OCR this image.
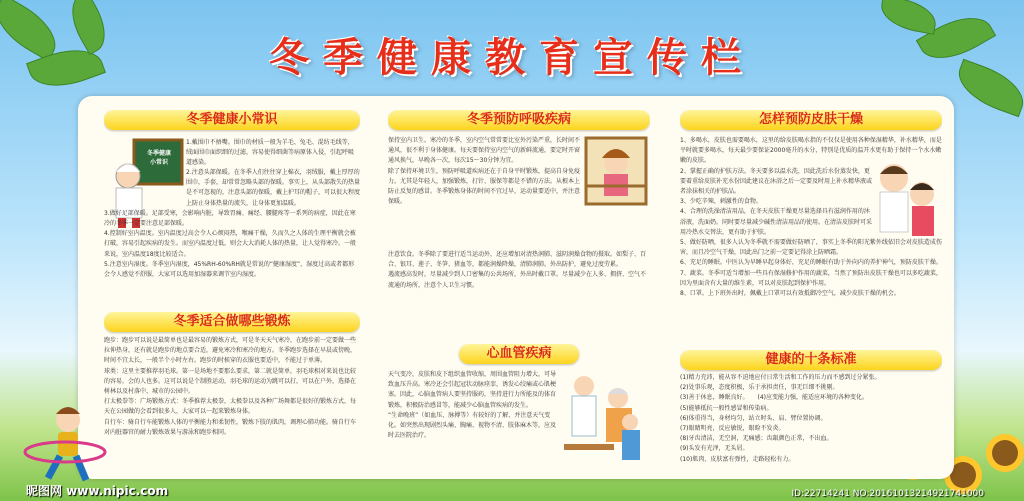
冬季健康教育宣传栏
冬季健康小常识
冬季健康
小常识

1.戴围巾不捂嘴。围巾的材质一般为羊毛、兔毛、混纺毛线等，绒面围巾面织细的过滤，容易使得细菌等病原体入侵，引起呼吸道感染。

2.注意头部保暖。在冬季人们往往穿上棉衣，羽绒服，戴上厚厚的围巾，手套，却常常忽略头部的保暖。事实上，从头部散失的热量是不可忽视的，注意头部的保暖，戴上护耳的帽子，可以很大程度上防止身体热量的流失，让身体更加温暖。

3.做好足部保暖。足部受寒，会影响内脏，导致胃痛、痛经、腰腿疼等一系列的病症，因此在寒冷的冬季一定要注意足部保暖。

4.控制好室内温度。室内温度过高会令人心烦闷热，喉痛干燥，久而久之人体的生理平衡就会被打破，容易引起疾病的发生。而室内温度过低，则会大大消耗人体的热量，让人觉得寒冷。一般来说，室内温度18度比较适合。

5.注意室内湿度。冬季室内湿度，45%RH-60%RH就是常说的“健康湿度”，湿度过高或者都形会令人感觉不舒服，大家可以选用加湿器来调节室内湿度。

冬季适合做哪些锻炼

跑步：跑步可以说是最简单也是最容易的锻炼方式，可是冬天天气寒冷，在跑步前一定要做一些拉伸热身，还有就是跑步的地点要合适，避免寒冷和寒冷的地方。冬季跑步选择在早晨或傍晚，时间不宜太长，一般半个小时左右。跑步的时候穿的衣服也要适中，不能过于单薄。

球类：这里主要推荐羽毛球。第一是场地不要那么要求，第二就是简单，羽毛球相对来说也比较的容易，会的人也多。这可以说是个制胜运动，羽毛球的运动为跳可以打，可以在户外，选择在树林以及村落中、城市的公园中。

打太极拳等：广场锻炼方式：冬季推荐太极拳，太极拳以及各种广场舞都是很好的锻炼方式，每天在公园做的会看到很多人，大家可以一起来锻炼身体。

自行车：骑自行车能锻炼人体的平衡能力和柔韧性，锻炼下肢的肌肉，调理心肺功能。骑自行车对内脏器官的耐力锻炼效果与游泳和跑步相同。

冬季预防呼吸疾病

保持室内卫生。寒冷的冬季，室内空气常常要比室外污染严重，长时间不通风，很不利于身体健康。每天要保持室内空气的新鲜流通，要定时开窗通风换气，早晚各一次，每次15～30分钟为宜。

除了保持环境卫生，预防呼吸道疾病还在于自身平时锻炼，提高自身免疫力。尤其是年轻人，加强锻炼，打针、服保等都是不错的方法。从根本上防止反复的感冒。冬季锻炼身体的时间不宜过早，运动量要适中，并注意保暖。

注意饮食。冬季除了要进行适当运动外，还应增加对清热润肺、滋阴润燥食物的摄取。如梨子、百合、银耳、莲子、冬笋、猪血等，都能润燥降燥，清肺润肺。外出防护，避免过度劳累。

遇流感高发时，尽量减少到人口密集的公共场所，外出时戴口罩。尽量减少在人多、拥挤、空气不流通的场所，注意个人卫生习惯。

心血管疾病

天气变冷，皮肤和皮下组织血管收缩，周围血管阻力增大，可导致血压升高。寒冷还会引起冠状动脉痉挛，诱发心绞痛或心肌梗塞。因此，心脑血管病人要坚持服药，坚持进行力所能及的体育锻炼，积极防治感冒等，能减少心脑血管疾病的发生。

“生命晚班”（如血压、脉搏等）有较好的了解，并注意天气变化。如突然出现剧烈头痛、胸痛、视物不清、肢体麻木等，应及时去医院治疗。

怎样预防皮肤干燥

1、多喝水，皮肤也需要喝水，这里的给皮肤喝水指的不仅仅是使用各种保湿精华，补水精华，而是平时就要多喝水，每天最少要保证2000毫升的水分，特别是优质的温开水更有助于保持一个水水嫩嫩的皮肤。

2、掌握正确的护肤方法。冬天要多以温水洗，因此洗后水份蒸发快，更要着重给皮肤补充水份因此建议在沐浴之后一定要及时用上补水精华液或者涂抹相关的护肤品。

3、少吃辛辣，刺激性的食物。

4、合理的洗澡清洁用品，在冬天皮肤干燥更尽量选择具有滋润作用的沐浴液，洗面奶。同时要尽量减少碱性清洁用品的使用。在清洁皮肤时可采用冷热水交替法，更有助于护肤。

5、做好防晒，很多人认为冬季就不需要做好防晒了，事实上冬季的阳光紫外线依旧会对皮肤造成伤害，而且冷空气干燥，因此出门之前一定要记得涂上防晒霜。

6、充足的睡眠。中医认为早睡早起身体好，充足的睡眠有助于外向内的养护神气，预防皮肤干燥。

7、蔬菜。冬季可适当增加一些具有保湿修护作用的蔬菜，当然了预防出皮肤干燥也可以多吃蔬菜，因为里面含有大量的维生素，可以对皮肤起到保护作用。

8、口罩。上下班外出时，佩戴上口罩可以有效抵御冷空气，减少皮肤干燥的机会。

健康的十条标准

(1)精力充沛，能从容不迫地应付日常生活和工作的压力而不感到过分紧张。

(2)处事乐观，态度积极，乐于承担责任，事无巨细不挑剔。

(3)善于休息，睡眠良好。　　(4)应变能力强，能适应环境的各种变化。

(5)能够抵抗一般性感冒和传染病。

(6)体重得当，身材均匀，站立时头、肩、臂位置协调。

(7)眼睛明亮，反应敏锐，眼睑不发炎。

(8)牙齿清洁，无空洞，无痛感；齿龈颜色正常，不出血。

(9)头发有光泽，无头屑。

(10)肌肉、皮肤富有弹性，走路轻松有力。

昵图网 www.nipic.com	ID:22714241 NO:20161013214921741000
